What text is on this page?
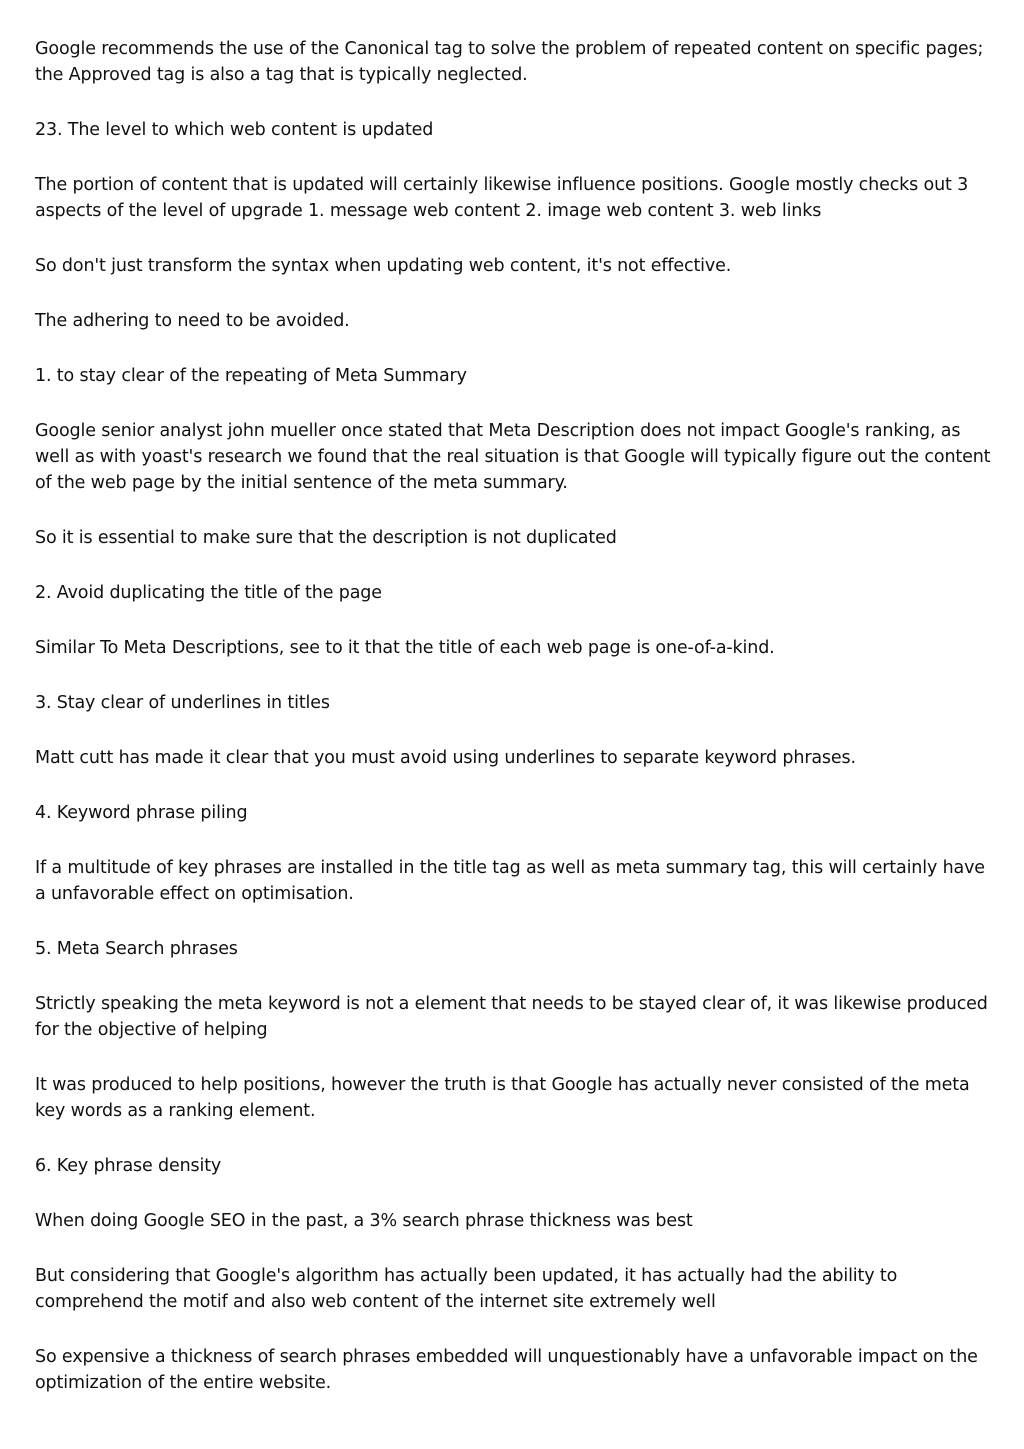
Google recommends the use of the Canonical tag to solve the problem of repeated content on specific pages; the Approved tag is also a tag that is typically neglected.

23. The level to which web content is updated

The portion of content that is updated will certainly likewise influence positions. Google mostly checks out 3 aspects of the level of upgrade 1. message web content 2. image web content 3. web links

So don't just transform the syntax when updating web content, it's not effective.

The adhering to need to be avoided.

1. to stay clear of the repeating of Meta Summary

Google senior analyst john mueller once stated that Meta Description does not impact Google's ranking, as well as with yoast's research we found that the real situation is that Google will typically figure out the content of the web page by the initial sentence of the meta summary.

So it is essential to make sure that the description is not duplicated

2. Avoid duplicating the title of the page

Similar To Meta Descriptions, see to it that the title of each web page is one-of-a-kind.

3. Stay clear of underlines in titles

Matt cutt has made it clear that you must avoid using underlines to separate keyword phrases.

4. Keyword phrase piling

If a multitude of key phrases are installed in the title tag as well as meta summary tag, this will certainly have a unfavorable effect on optimisation.

5. Meta Search phrases

Strictly speaking the meta keyword is not a element that needs to be stayed clear of, it was likewise produced for the objective of helping

It was produced to help positions, however the truth is that Google has actually never consisted of the meta key words as a ranking element.

6. Key phrase density

When doing Google SEO in the past, a 3% search phrase thickness was best

But considering that Google's algorithm has actually been updated, it has actually had the ability to comprehend the motif and also web content of the internet site extremely well

So expensive a thickness of search phrases embedded will unquestionably have a unfavorable impact on the optimization of the entire website.
